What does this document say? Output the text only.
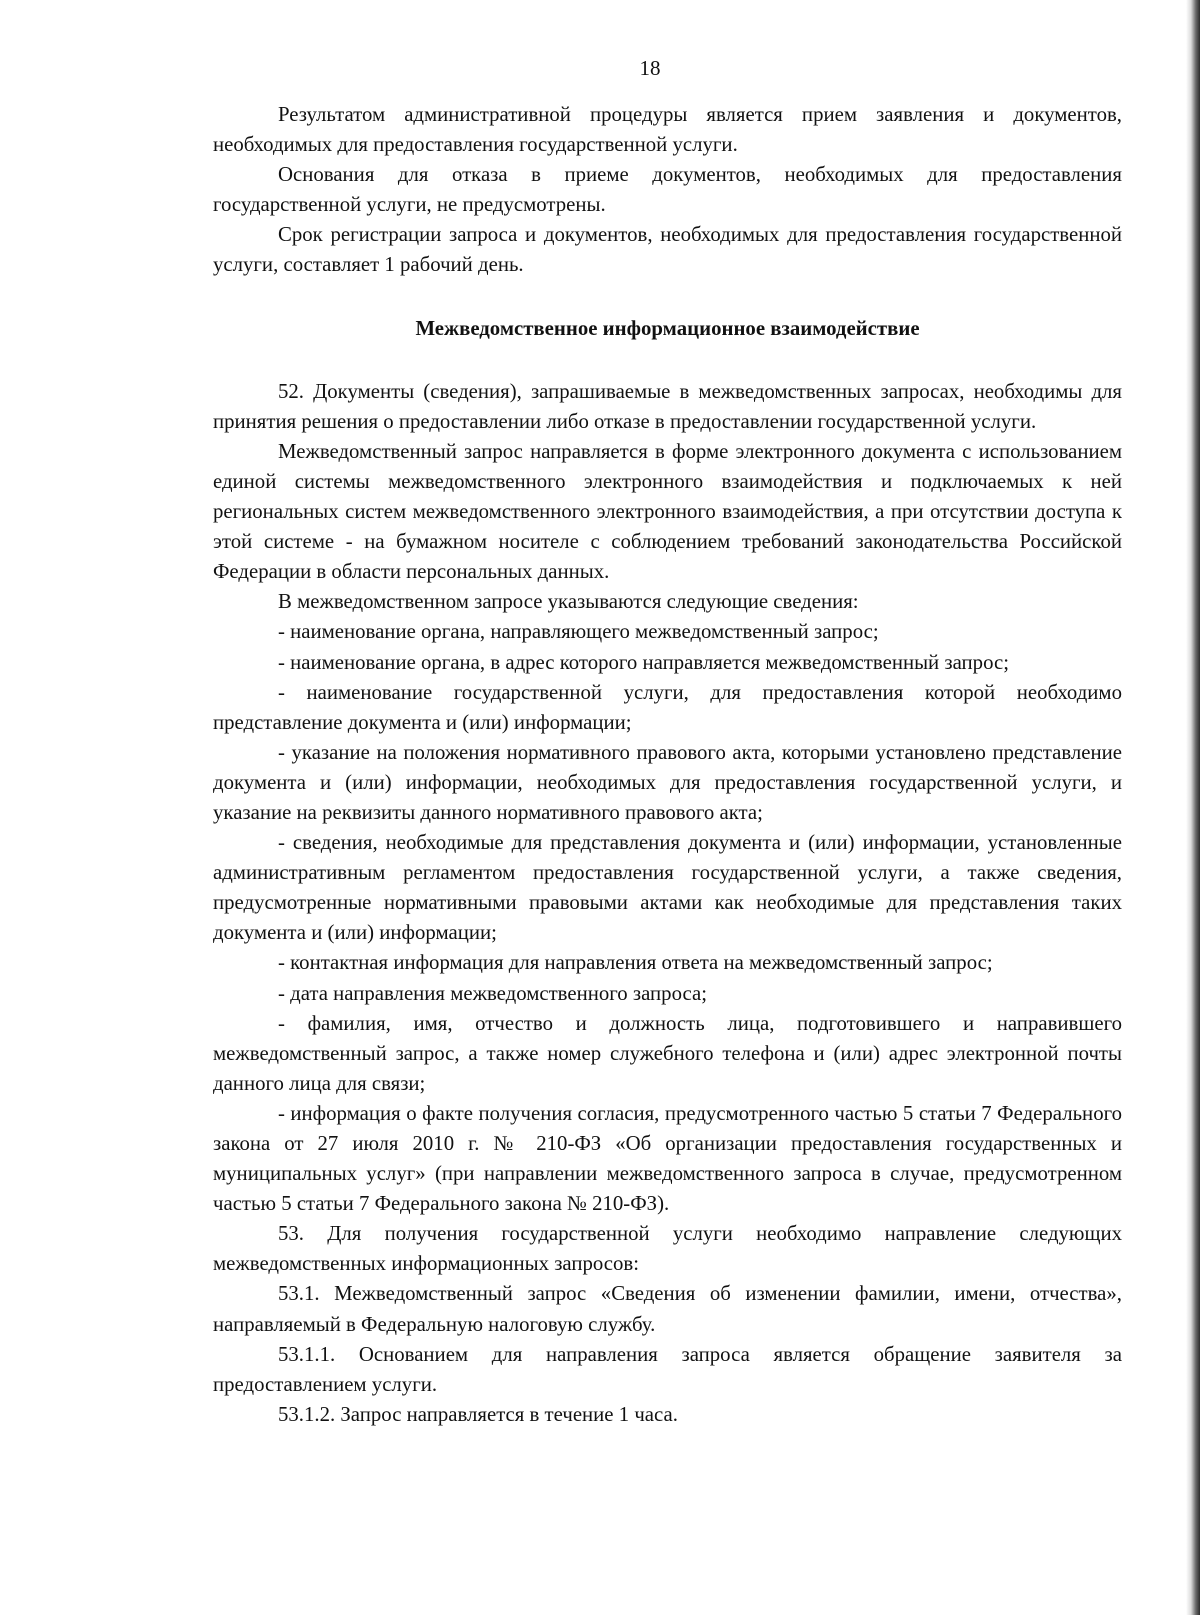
18

Результатом административной процедуры является прием заявления и документов, необходимых для предоставления государственной услуги.

Основания для отказа в приеме документов, необходимых для предоставления государственной услуги, не предусмотрены.

Срок регистрации запроса и документов, необходимых для предоставления государственной услуги, составляет 1 рабочий день.

Межведомственное информационное взаимодействие

52. Документы (сведения), запрашиваемые в межведомственных запросах, необходимы для принятия решения о предоставлении либо отказе в предоставлении государственной услуги.

Межведомственный запрос направляется в форме электронного документа с использованием единой системы межведомственного электронного взаимодействия и подключаемых к ней региональных систем межведомственного электронного взаимодействия, а при отсутствии доступа к этой системе - на бумажном носителе с соблюдением требований законодательства Российской Федерации в области персональных данных.

В межведомственном запросе указываются следующие сведения:

- наименование органа, направляющего межведомственный запрос;

- наименование органа, в адрес которого направляется межведомственный запрос;

- наименование государственной услуги, для предоставления которой необходимо представление документа и (или) информации;

- указание на положения нормативного правового акта, которыми установлено представление документа и (или) информации, необходимых для предоставления государственной услуги, и указание на реквизиты данного нормативного правового акта;

- сведения, необходимые для представления документа и (или) информации, установленные административным регламентом предоставления государственной услуги, а также сведения, предусмотренные нормативными правовыми актами как необходимые для представления таких документа и (или) информации;

- контактная информация для направления ответа на межведомственный запрос;

- дата направления межведомственного запроса;

- фамилия, имя, отчество и должность лица, подготовившего и направившего межведомственный запрос, а также номер служебного телефона и (или) адрес электронной почты данного лица для связи;

- информация о факте получения согласия, предусмотренного частью 5 статьи 7 Федерального закона от 27 июля 2010 г. № 210-ФЗ «Об организации предоставления государственных и муниципальных услуг» (при направлении межведомственного запроса в случае, предусмотренном частью 5 статьи 7 Федерального закона № 210-ФЗ).

53. Для получения государственной услуги необходимо направление следующих межведомственных информационных запросов:

53.1. Межведомственный запрос «Сведения об изменении фамилии, имени, отчества», направляемый в Федеральную налоговую службу.

53.1.1. Основанием для направления запроса является обращение заявителя за предоставлением услуги.

53.1.2. Запрос направляется в течение 1 часа.
